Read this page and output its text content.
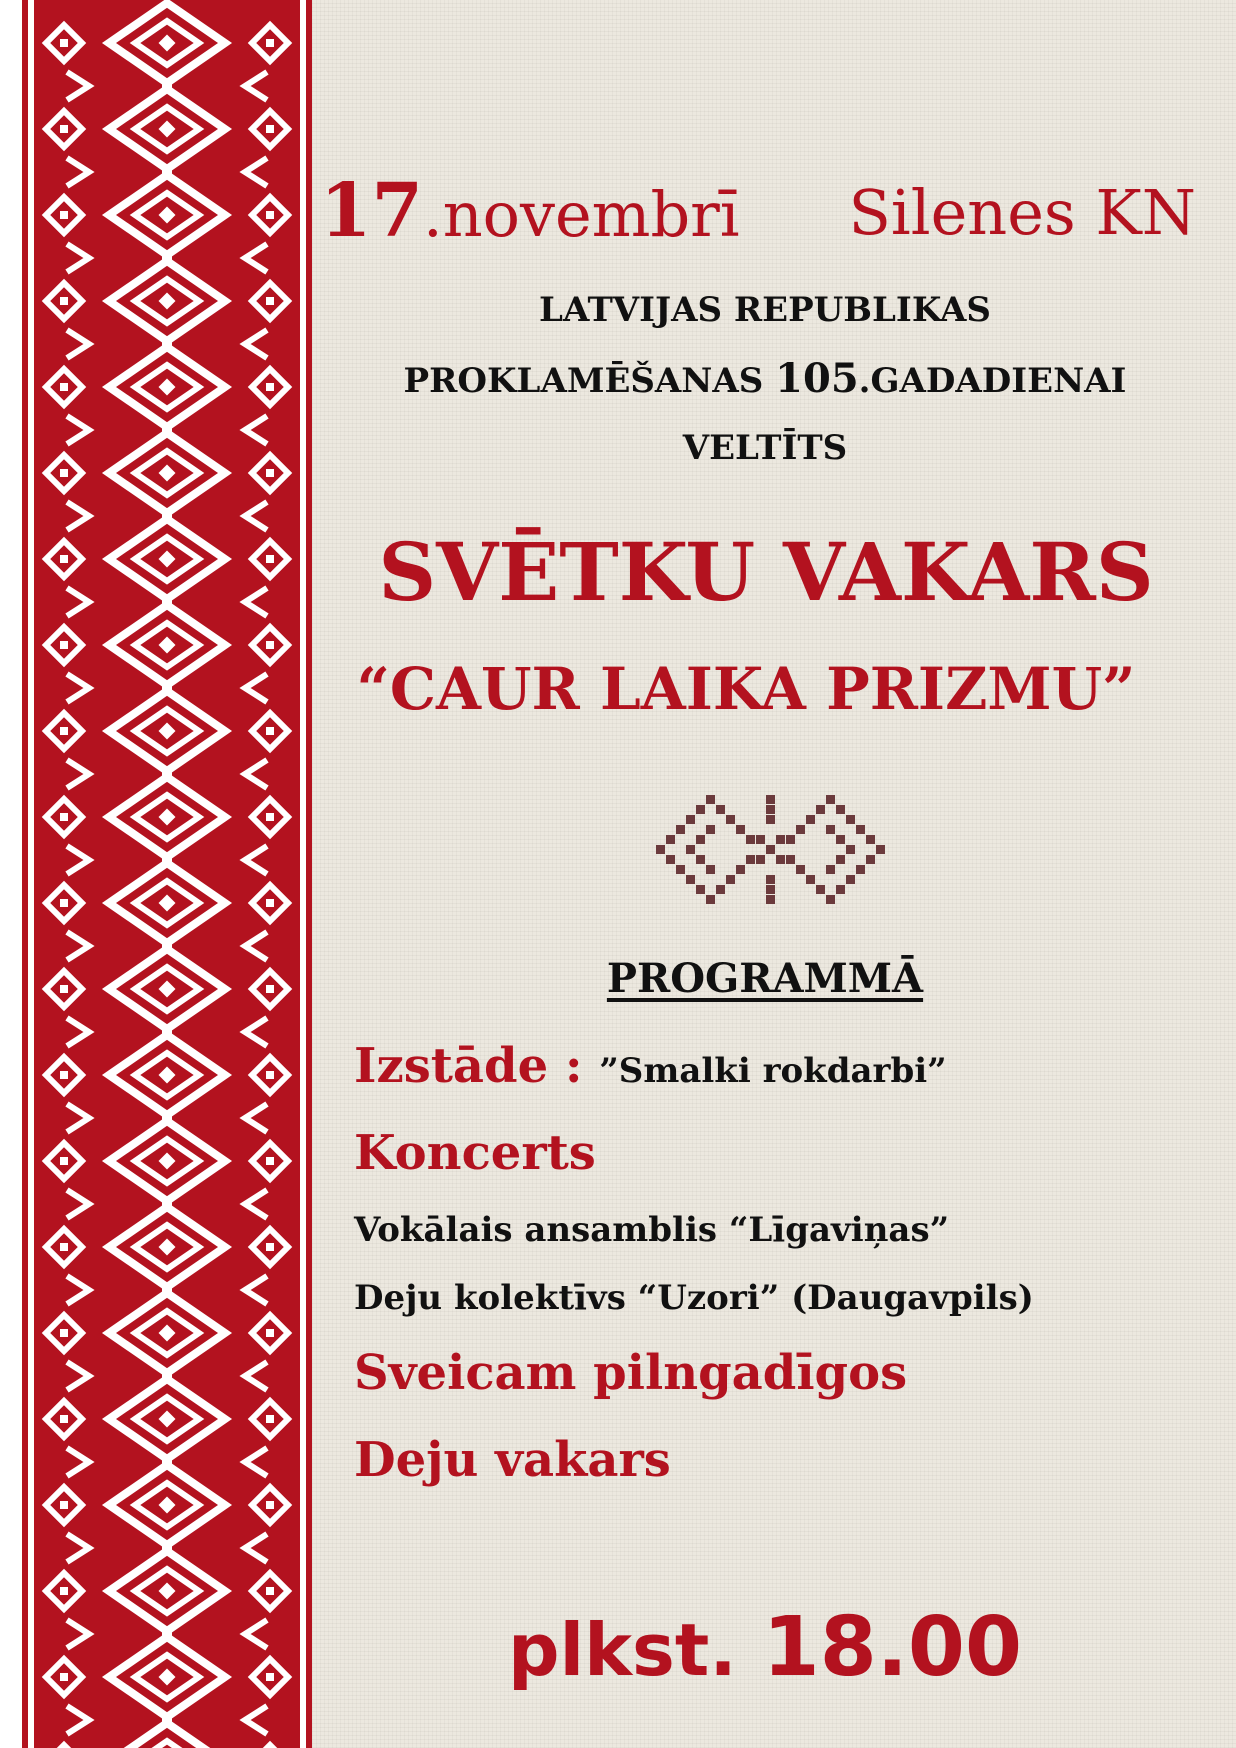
17.novembrī Silenes KN

LATVIJAS REPUBLIKAS

PROKLAMĒŠANAS 105.GADADIENAI

VELTĪTS

SVĒTKU VAKARS

“CAUR LAIKA PRIZMU”

PROGRAMMĀ

Izstāde : ”Smalki rokdarbi”

Koncerts

Vokālais ansamblis “Līgaviņas”

Deju kolektīvs “Uzori” (Daugavpils)

Sveicam pilngadīgos

Deju vakars

plkst. 18.00
